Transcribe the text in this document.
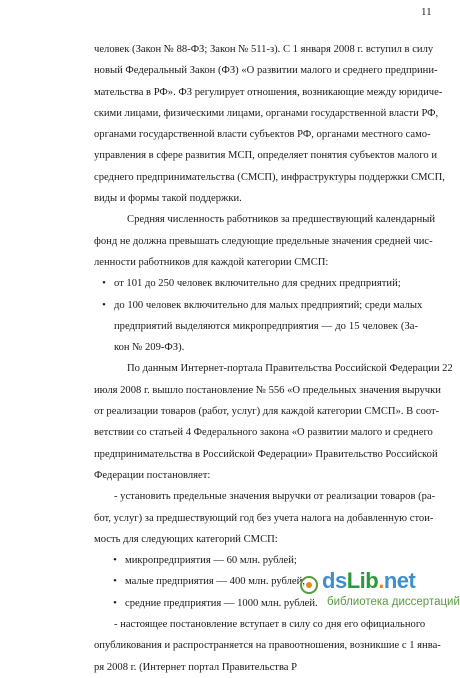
11
человек (Закон № 88-ФЗ; Закон № 511-з). С 1 января 2008 г. вступил в силу
новый Федеральный Закон (ФЗ) «О развитии малого и среднего предприни-
мательства в РФ». ФЗ регулирует отношения, возникающие между юридиче-
скими лицами, физическими лицами, органами государственной власти РФ,
органами государственной власти субъектов РФ, органами местного само-
управления в сфере развития МСП, определяет понятия субъектов малого и
среднего предпринимательства (СМСП), инфраструктуры поддержки СМСП,
виды и формы такой поддержки.
Средняя численность работников за предшествующий календарный
фонд не должна превышать следующие предельные значения средней чис-
ленности работников для каждой категории СМСП:
• от 101 до 250 человек включительно для средних предприятий;
• до 100 человек включительно для малых предприятий; среди малых
предприятий выделяются микропредприятия — до 15 человек (За-
кон № 209-ФЗ).
По данным Интернет-портала Правительства Российской Федерации 22
июля 2008 г. вышло постановление № 556 «О предельных значения выручки
от реализации товаров (работ, услуг) для каждой категории СМСП». В соот-
ветствии со статьей 4 Федерального закона «О развитии малого и среднего
предпринимательства в Российской Федерации» Правительство Российской
Федерации постановляет:
- установить предельные значения выручки от реализации товаров (ра-
бот, услуг) за предшествующий год без учета налога на добавленную стои-
мость для следующих категорий СМСП:
• микропредприятия — 60 млн. рублей;
• малые предприятия — 400 млн. рублей;
• средние предприятия — 1000 млн. рублей.
- настоящее постановление вступает в силу со дня его официального
опубликования и распространяется на правоотношения, возникшие с 1 янва-
ря 2008 г. (Интернет портал Правительства Р
dsLib.net
библиотека диссертаций
